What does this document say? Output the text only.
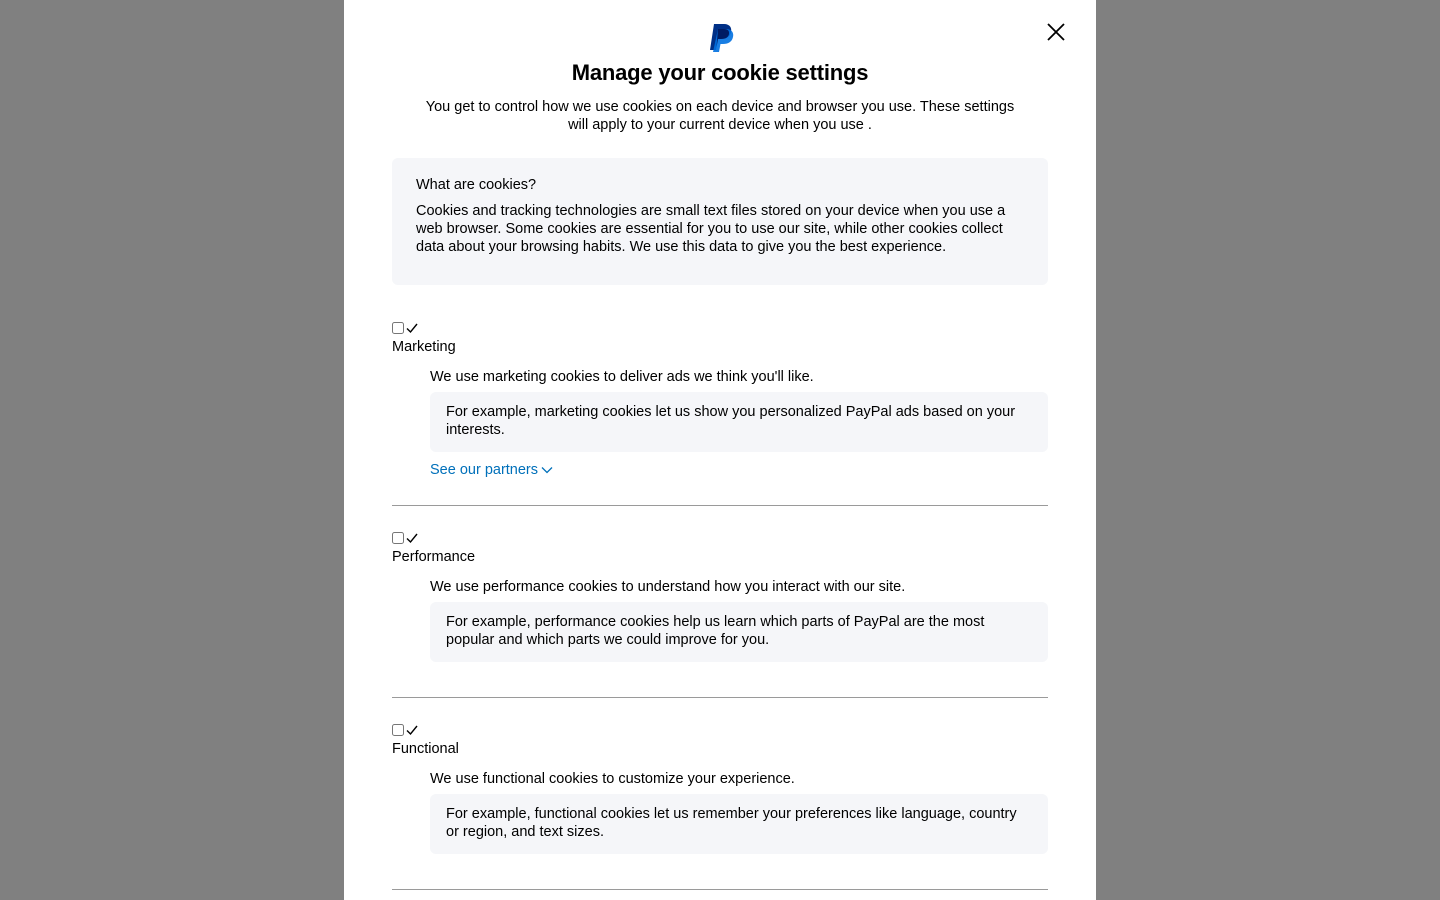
Manage your cookie settings

You get to control how we use cookies on each device and browser you use. These settings will apply to your current device when you use .

What are cookies?

Cookies and tracking technologies are small text files stored on your device when you use a web browser. Some cookies are essential for you to use our site, while other cookies collect data about your browsing habits. We use this data to give you the best experience.

Marketing
We use marketing cookies to deliver ads we think you'll like.
For example, marketing cookies let us show you personalized PayPal ads based on your interests.
See our partners
Performance
We use performance cookies to understand how you interact with our site.
For example, performance cookies help us learn which parts of PayPal are the most popular and which parts we could improve for you.
Functional
We use functional cookies to customize your experience.
For example, functional cookies let us remember your preferences like language, country or region, and text sizes.
